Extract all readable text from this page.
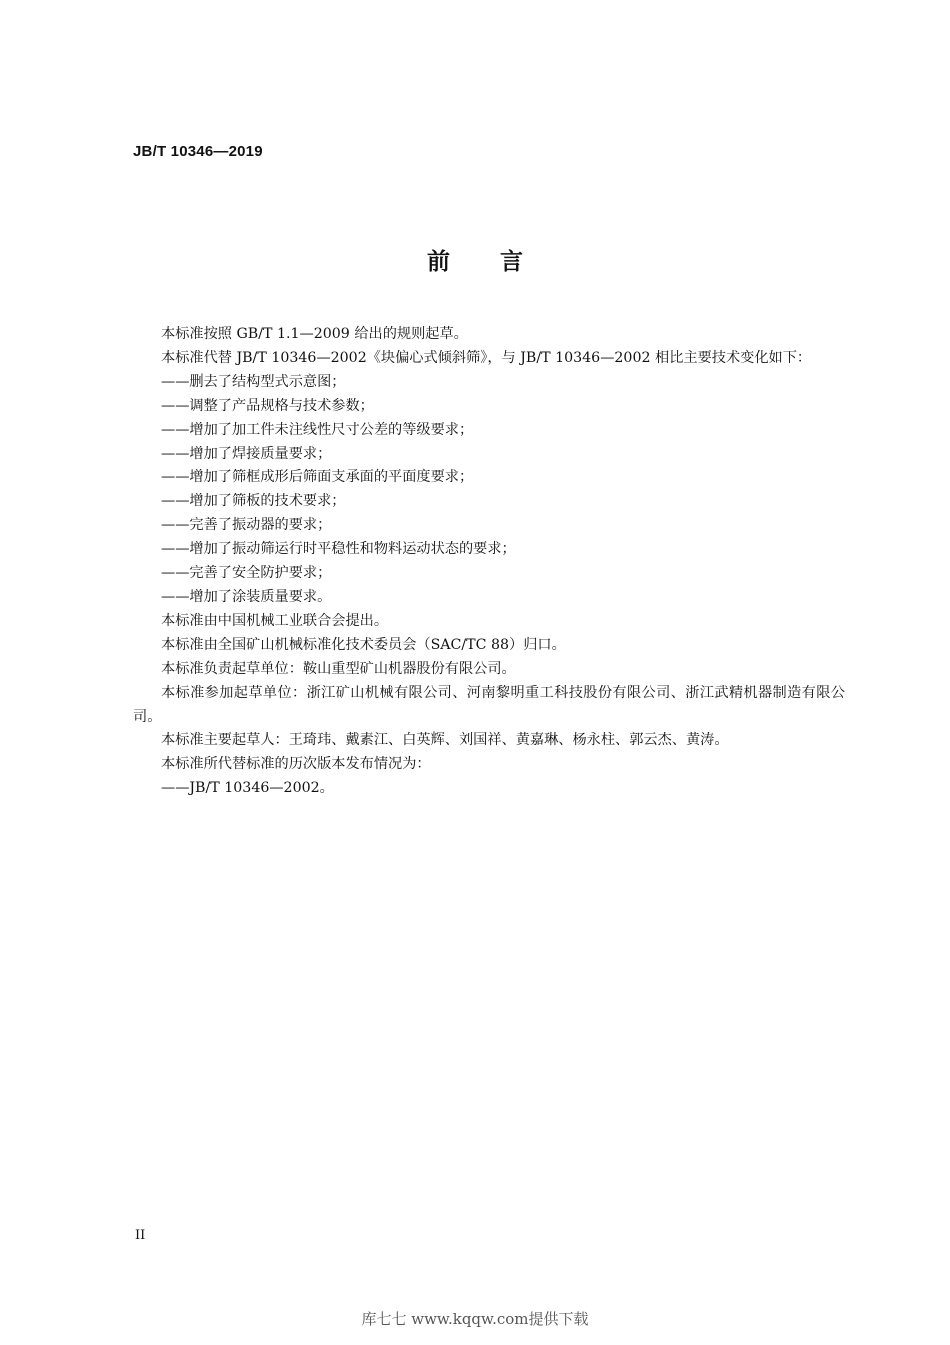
JB/T 10346—2019
前 言

本标准按照 GB/T 1.1—2009 给出的规则起草。

本标准代替 JB/T 10346—2002《块偏心式倾斜筛》，与 JB/T 10346—2002 相比主要技术变化如下：

——删去了结构型式示意图；

——调整了产品规格与技术参数；

——增加了加工件未注线性尺寸公差的等级要求；

——增加了焊接质量要求；

——增加了筛框成形后筛面支承面的平面度要求；

——增加了筛板的技术要求；

——完善了振动器的要求；

——增加了振动筛运行时平稳性和物料运动状态的要求；

——完善了安全防护要求；

——增加了涂装质量要求。

本标准由中国机械工业联合会提出。

本标准由全国矿山机械标准化技术委员会（SAC/TC 88）归口。

本标准负责起草单位：鞍山重型矿山机器股份有限公司。

本标准参加起草单位：浙江矿山机械有限公司、河南黎明重工科技股份有限公司、浙江武精机器制造有限公司。

本标准主要起草人：王琦玮、戴素江、白英辉、刘国祥、黄嘉琳、杨永柱、郭云杰、黄涛。

本标准所代替标准的历次版本发布情况为：

——JB/T 10346—2002。

II
库七七 www.kqqw.com提供下载
